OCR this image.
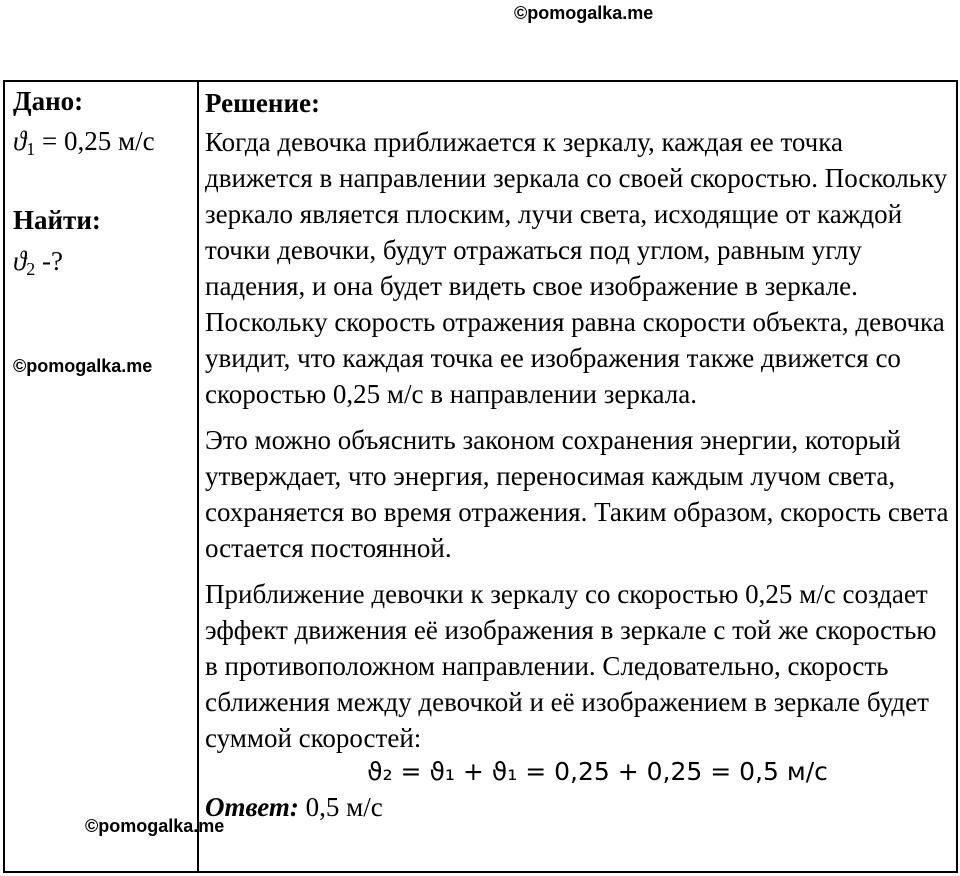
©pomogalka.me
Дано:
$ϑ_1 = 0,25$ м/с
Найти:
$ϑ_2$ -?

Решение:

Когда девочка приближается к зеркалу, каждая ее точка движется в направлении зеркала со своей скоростью. Поскольку зеркало является плоским, лучи света, исходящие от каждой точки девочки, будут отражаться под углом, равным углу падения, и она будет видеть свое изображение в зеркале. Поскольку скорость отражения равна скорости объекта, девочка увидит, что каждая точка ее изображения также движется со скоростью 0,25 м/с в направлении зеркала.

Это можно объяснить законом сохранения энергии, который утверждает, что энергия, переносимая каждым лучом света, сохраняется во время отражения. Таким образом, скорость света остается постоянной.

Приближение девочки к зеркалу со скоростью 0,25 м/с создает эффект движения её изображения в зеркале с той же скоростью в противоположном направлении. Следовательно, скорость сближения между девочкой и её изображением в зеркале будет суммой скоростей:

ϑ₂ = ϑ₁ + ϑ₁ = 0,25 + 0,25 = 0,5 м/с

Ответ: 0,5 м/с

©pomogalka.me
©pomogalka.me
